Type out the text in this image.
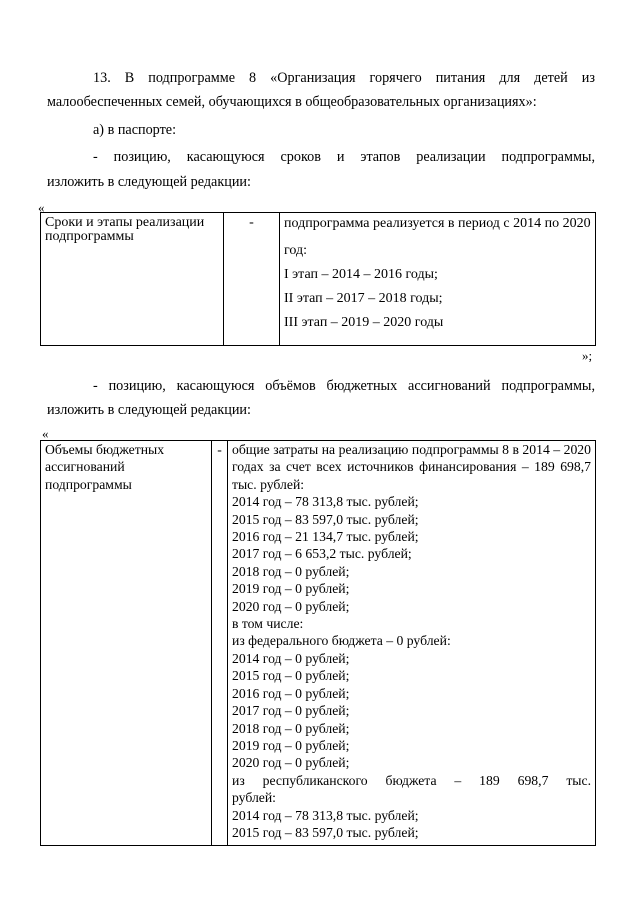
13. В подпрограмме 8 «Организация горячего питания для детей из
малообеспеченных семей, обучающихся в общеобразовательных организациях»:
а) в паспорте:
- позицию, касающуюся сроков и этапов реализации подпрограммы,
изложить в следующей редакции:
«
Сроки и этапы реализации подпрограммы	-	подпрограмма реализуется в период с 2014 по 2020 год:

I этап – 2014 – 2016 годы;

II этап – 2017 – 2018 годы;

III этап – 2019 – 2020 годы

»;
- позицию, касающуюся объёмов бюджетных ассигнований подпрограммы,
изложить в следующей редакции:
«
Объемы бюджетных ассигнований подпрограммы	-	общие затраты на реализацию подпрограммы 8 в 2014 – 2020 годах за счет всех источников финансирования – 189 698,7 тыс. рублей:
2014 год – 78 313,8 тыс. рублей;
2015 год – 83 597,0 тыс. рублей;
2016 год – 21 134,7 тыс. рублей;
2017 год – 6 653,2 тыс. рублей;
2018 год – 0 рублей;
2019 год – 0 рублей;
2020 год – 0 рублей;
в том числе:
из федерального бюджета – 0 рублей:
2014 год – 0 рублей;
2015 год – 0 рублей;
2016 год – 0 рублей;
2017 год – 0 рублей;
2018 год – 0 рублей;
2019 год – 0 рублей;
2020 год – 0 рублей;
из республиканского бюджета – 189 698,7 тыс. рублей:
2014 год – 78 313,8 тыс. рублей;
2015 год – 83 597,0 тыс. рублей;
